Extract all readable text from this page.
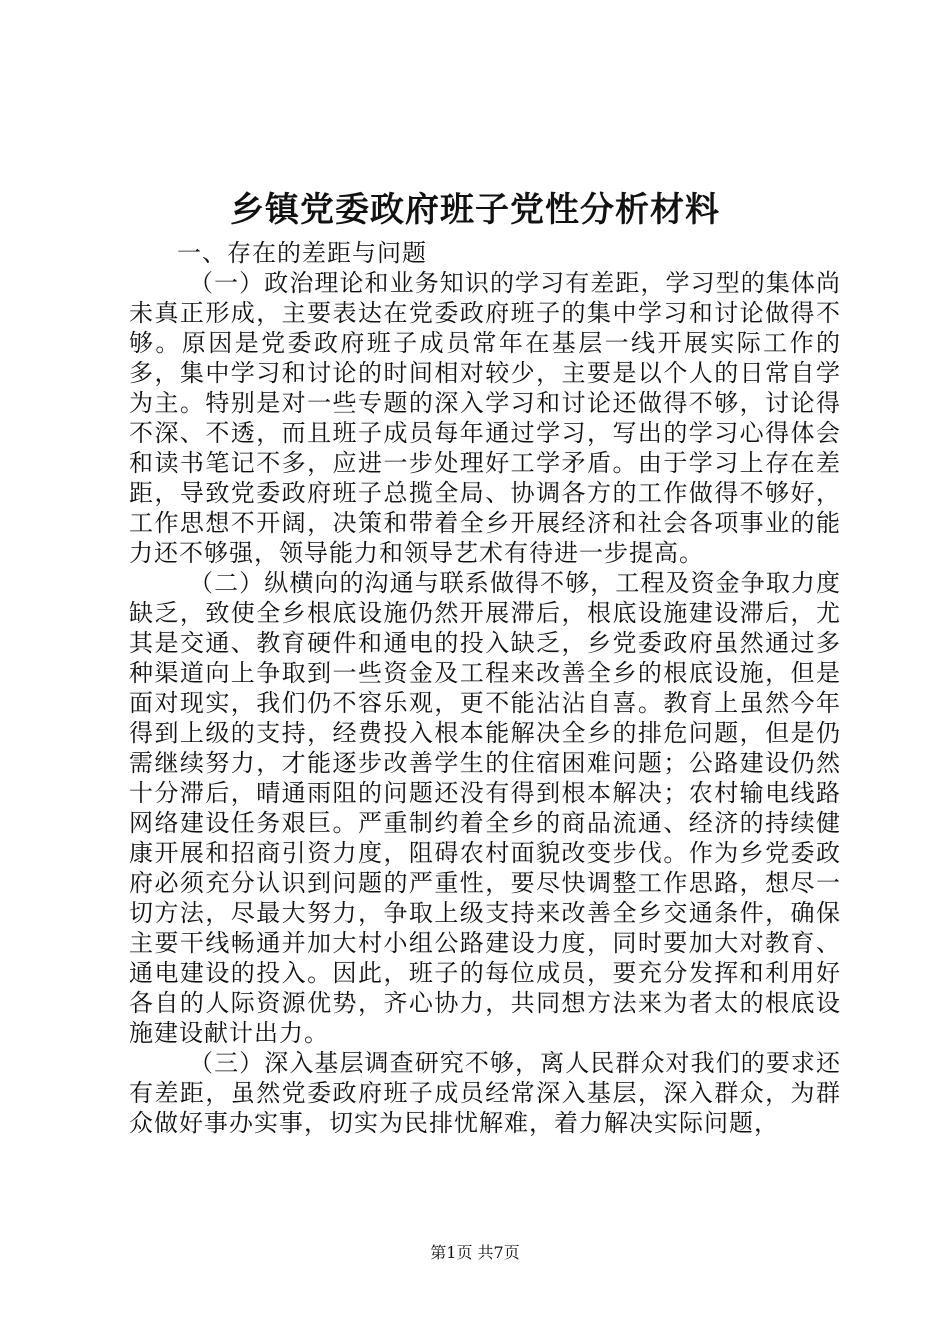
乡镇党委政府班子党性分析材料

一、存在的差距与问题

（一）政治理论和业务知识的学习有差距，学习型的集体尚未真正形成，主要表达在党委政府班子的集中学习和讨论做得不够。原因是党委政府班子成员常年在基层一线开展实际工作的多，集中学习和讨论的时间相对较少，主要是以个人的日常自学为主。特别是对一些专题的深入学习和讨论还做得不够，讨论得不深、不透，而且班子成员每年通过学习，写出的学习心得体会和读书笔记不多，应进一步处理好工学矛盾。由于学习上存在差距，导致党委政府班子总揽全局、协调各方的工作做得不够好，工作思想不开阔，决策和带着全乡开展经济和社会各项事业的能力还不够强，领导能力和领导艺术有待进一步提高。

（二）纵横向的沟通与联系做得不够，工程及资金争取力度缺乏，致使全乡根底设施仍然开展滞后，根底设施建设滞后，尤其是交通、教育硬件和通电的投入缺乏，乡党委政府虽然通过多种渠道向上争取到一些资金及工程来改善全乡的根底设施，但是面对现实，我们仍不容乐观，更不能沾沾自喜。教育上虽然今年得到上级的支持，经费投入根本能解决全乡的排危问题，但是仍需继续努力，才能逐步改善学生的住宿困难问题；公路建设仍然十分滞后，晴通雨阻的问题还没有得到根本解决；农村输电线路网络建设任务艰巨。严重制约着全乡的商品流通、经济的持续健康开展和招商引资力度，阻碍农村面貌改变步伐。作为乡党委政府必须充分认识到问题的严重性，要尽快调整工作思路，想尽一切方法，尽最大努力，争取上级支持来改善全乡交通条件，确保主要干线畅通并加大村小组公路建设力度，同时要加大对教育、通电建设的投入。因此，班子的每位成员，要充分发挥和利用好各自的人际资源优势，齐心协力，共同想方法来为者太的根底设施建设献计出力。

（三）深入基层调查研究不够，离人民群众对我们的要求还有差距，虽然党委政府班子成员经常深入基层，深入群众，为群众做好事办实事，切实为民排忧解难，着力解决实际问题，

第1页 共7页
